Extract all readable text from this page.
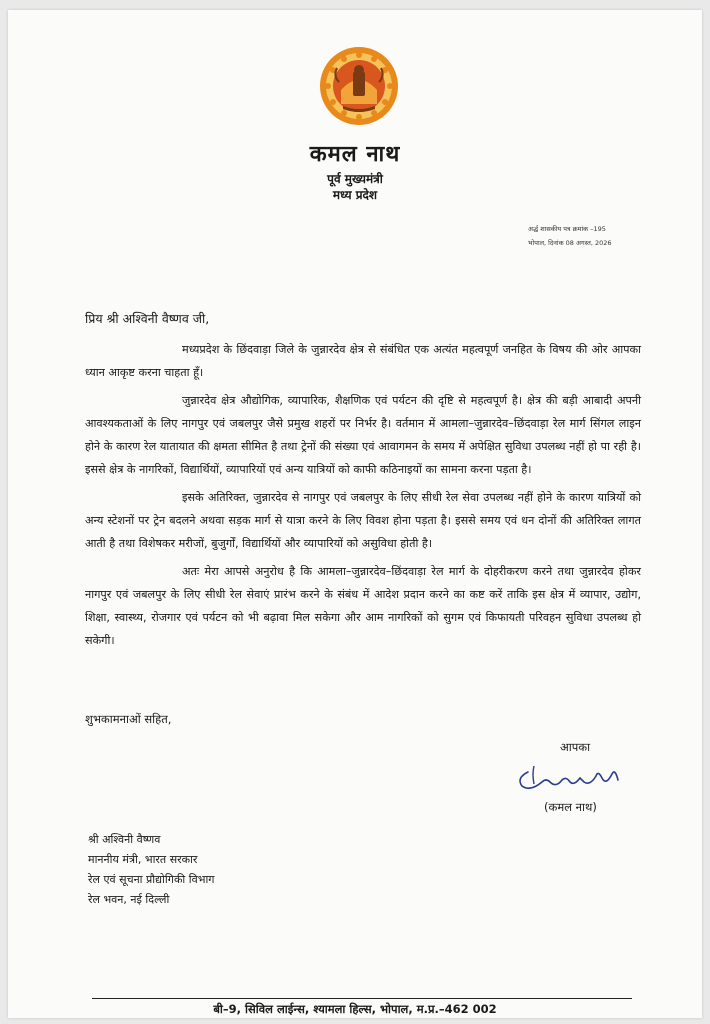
कमल नाथ
पूर्व मुख्यमंत्री
मध्य प्रदेश
अर्द्ध शासकीय पत्र क्रमांक –195
भोपाल, दिनांक 08 अगस्त, 2026
प्रिय श्री अश्विनी वैष्णव जी,

मध्यप्रदेश के छिंदवाड़ा जिले के जुन्नारदेव क्षेत्र से संबंधित एक अत्यंत महत्वपूर्ण जनहित के विषय की ओर आपका ध्यान आकृष्ट करना चाहता हूँ।

जुन्नारदेव क्षेत्र औद्योगिक, व्यापारिक, शैक्षणिक एवं पर्यटन की दृष्टि से महत्वपूर्ण है। क्षेत्र की बड़ी आबादी अपनी आवश्यकताओं के लिए नागपुर एवं जबलपुर जैसे प्रमुख शहरों पर निर्भर है। वर्तमान में आमला–जुन्नारदेव–छिंदवाड़ा रेल मार्ग सिंगल लाइन होने के कारण रेल यातायात की क्षमता सीमित है तथा ट्रेनों की संख्या एवं आवागमन के समय में अपेक्षित सुविधा उपलब्ध नहीं हो पा रही है। इससे क्षेत्र के नागरिकों, विद्यार्थियों, व्यापारियों एवं अन्य यात्रियों को काफी कठिनाइयों का सामना करना पड़ता है।

इसके अतिरिक्त, जुन्नारदेव से नागपुर एवं जबलपुर के लिए सीधी रेल सेवा उपलब्ध नहीं होने के कारण यात्रियों को अन्य स्टेशनों पर ट्रेन बदलने अथवा सड़क मार्ग से यात्रा करने के लिए विवश होना पड़ता है। इससे समय एवं धन दोनों की अतिरिक्त लागत आती है तथा विशेषकर मरीजों, बुजुर्गों, विद्यार्थियों और व्यापारियों को असुविधा होती है।

अतः मेरा आपसे अनुरोध है कि आमला–जुन्नारदेव–छिंदवाड़ा रेल मार्ग के दोहरीकरण करने तथा जुन्नारदेव होकर नागपुर एवं जबलपुर के लिए सीधी रेल सेवाएं प्रारंभ करने के संबंध में आदेश प्रदान करने का कष्ट करें ताकि इस क्षेत्र में व्यापार, उद्योग, शिक्षा, स्वास्थ्य, रोजगार एवं पर्यटन को भी बढ़ावा मिल सकेगा और आम नागरिकों को सुगम एवं किफायती परिवहन सुविधा उपलब्ध हो सकेगी।

शुभकामनाओं सहित,
आपका
(कमल नाथ)
श्री अश्विनी वैष्णव
माननीय मंत्री, भारत सरकार
रेल एवं सूचना प्रौद्योगिकी विभाग
रेल भवन, नई दिल्ली
बी–9, सिविल लाईन्स, श्यामला हिल्स, भोपाल, म.प्र.–462 002
